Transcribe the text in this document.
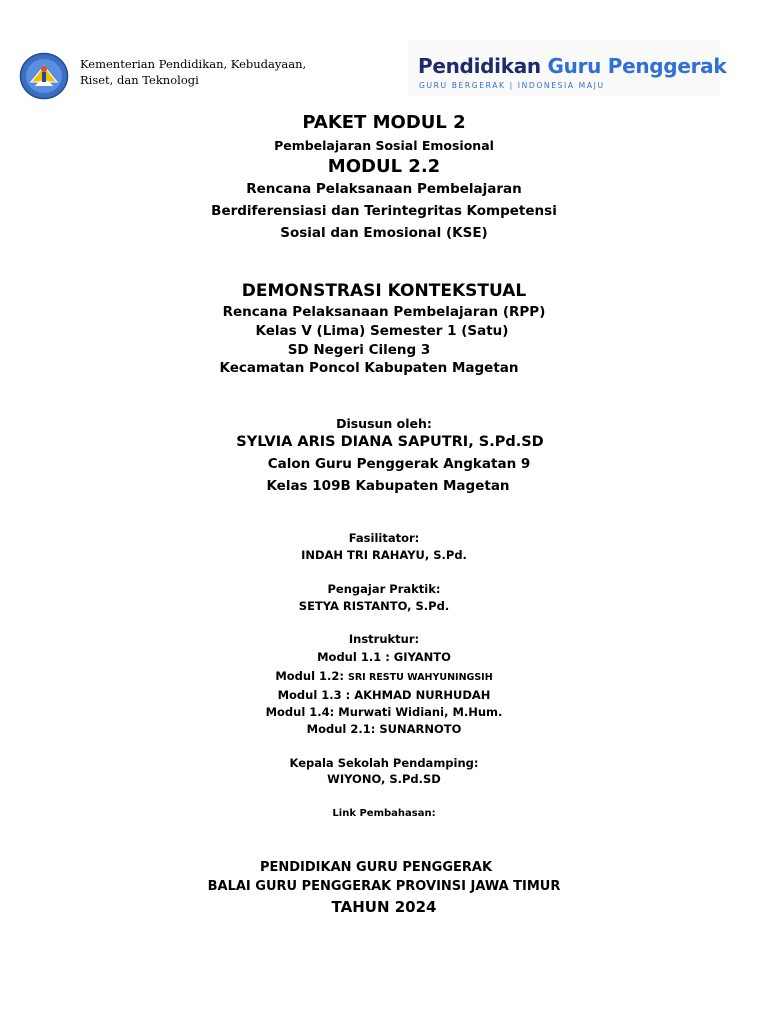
Kementerian Pendidikan, Kebudayaan,
Riset, dan Teknologi
Pendidikan Guru Penggerak
GURU BERGERAK | INDONESIA MAJU
PAKET MODUL 2
Pembelajaran Sosial Emosional
MODUL 2.2
Rencana Pelaksanaan Pembelajaran
Berdiferensiasi dan Terintegritas Kompetensi
Sosial dan Emosional (KSE)
DEMONSTRASI KONTEKSTUAL
Rencana Pelaksanaan Pembelajaran (RPP)
Kelas V (Lima) Semester 1 (Satu)
SD Negeri Cileng 3
Kecamatan Poncol Kabupaten Magetan
Disusun oleh:
SYLVIA ARIS DIANA SAPUTRI, S.Pd.SD
Calon Guru Penggerak Angkatan 9
Kelas 109B Kabupaten Magetan
Fasilitator:
INDAH TRI RAHAYU, S.Pd.
Pengajar Praktik:
SETYA RISTANTO, S.Pd.
Instruktur:
Modul 1.1 : GIYANTO
Modul 1.2: SRI RESTU WAHYUNINGSIH
Modul 1.3 : AKHMAD NURHUDAH
Modul 1.4: Murwati Widiani, M.Hum.
Modul 2.1: SUNARNOTO
Kepala Sekolah Pendamping:
WIYONO, S.Pd.SD
Link Pembahasan:
PENDIDIKAN GURU PENGGERAK
BALAI GURU PENGGERAK PROVINSI JAWA TIMUR
TAHUN 2024
